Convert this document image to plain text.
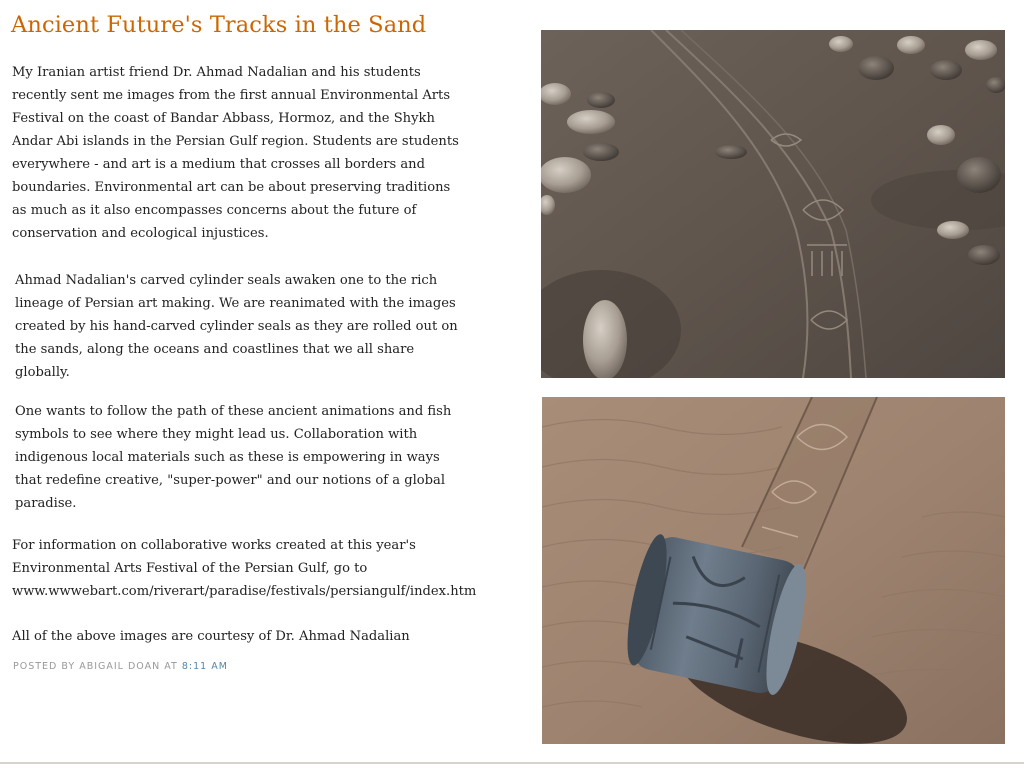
Ancient Future's Tracks in the Sand

My Iranian artist friend Dr. Ahmad Nadalian and his students
recently sent me images from the first annual Environmental Arts
Festival on the coast of Bandar Abbass, Hormoz, and the Shykh
Andar Abi islands in the Persian Gulf region. Students are students
everywhere - and art is a medium that crosses all borders and
boundaries. Environmental art can be about preserving traditions
as much as it also encompasses concerns about the future of
conservation and ecological injustices.

Ahmad Nadalian's carved cylinder seals awaken one to the rich
lineage of Persian art making. We are reanimated with the images
created by his hand-carved cylinder seals as they are rolled out on
the sands, along the oceans and coastlines that we all share
globally.

One wants to follow the path of these ancient animations and fish
symbols to see where they might lead us. Collaboration with
indigenous local materials such as these is empowering in ways
that redefine creative, "super-power" and our notions of a global
paradise.

For information on collaborative works created at this year's
Environmental Arts Festival of the Persian Gulf, go to
www.wwwebart.com/riverart/paradise/festivals/persiangulf/index.htm

All of the above images are courtesy of Dr. Ahmad Nadalian

POSTED BY ABIGAIL DOAN AT 8:11 AM
